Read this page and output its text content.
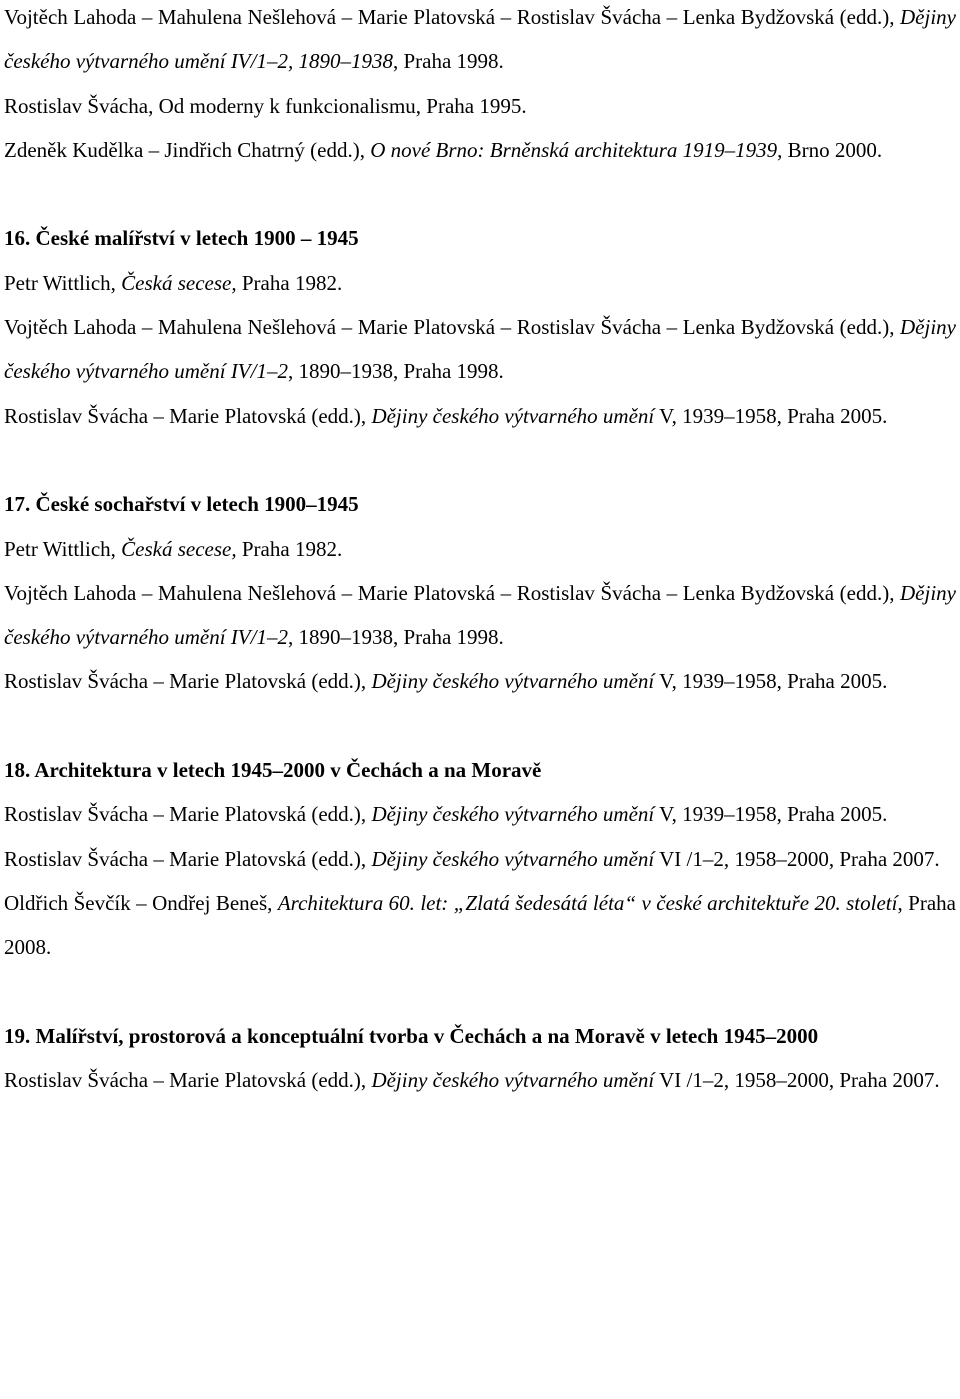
Vojtěch Lahoda – Mahulena Nešlehová – Marie Platovská – Rostislav Švácha – Lenka Bydžovská (edd.), Dějiny českého výtvarného umění IV/1–2, 1890–1938, Praha 1998.

Rostislav Švácha, Od moderny k funkcionalismu, Praha 1995.

Zdeněk Kudělka – Jindřich Chatrný (edd.), O nové Brno: Brněnská architektura 1919–1939, Brno 2000.

16. České malířství v letech 1900 – 1945

Petr Wittlich, Česká secese, Praha 1982.

Vojtěch Lahoda – Mahulena Nešlehová – Marie Platovská – Rostislav Švácha – Lenka Bydžovská (edd.), Dějiny českého výtvarného umění IV/1–2, 1890–1938, Praha 1998.

Rostislav Švácha – Marie Platovská (edd.), Dějiny českého výtvarného umění V, 1939–1958, Praha 2005.

17. České sochařství v letech 1900–1945

Petr Wittlich, Česká secese, Praha 1982.

Vojtěch Lahoda – Mahulena Nešlehová – Marie Platovská – Rostislav Švácha – Lenka Bydžovská (edd.), Dějiny českého výtvarného umění IV/1–2, 1890–1938, Praha 1998.

Rostislav Švácha – Marie Platovská (edd.), Dějiny českého výtvarného umění V, 1939–1958, Praha 2005.

18. Architektura v letech 1945–2000 v Čechách a na Moravě

Rostislav Švácha – Marie Platovská (edd.), Dějiny českého výtvarného umění V, 1939–1958, Praha 2005.

Rostislav Švácha – Marie Platovská (edd.), Dějiny českého výtvarného umění VI /1–2, 1958–2000, Praha 2007.

Oldřich Ševčík – Ondřej Beneš, Architektura 60. let: „Zlatá šedesátá léta“ v české architektuře 20. století, Praha 2008.

19. Malířství, prostorová a konceptuální tvorba v Čechách a na Moravě v letech 1945–2000

Rostislav Švácha – Marie Platovská (edd.), Dějiny českého výtvarného umění VI /1–2, 1958–2000, Praha 2007.
